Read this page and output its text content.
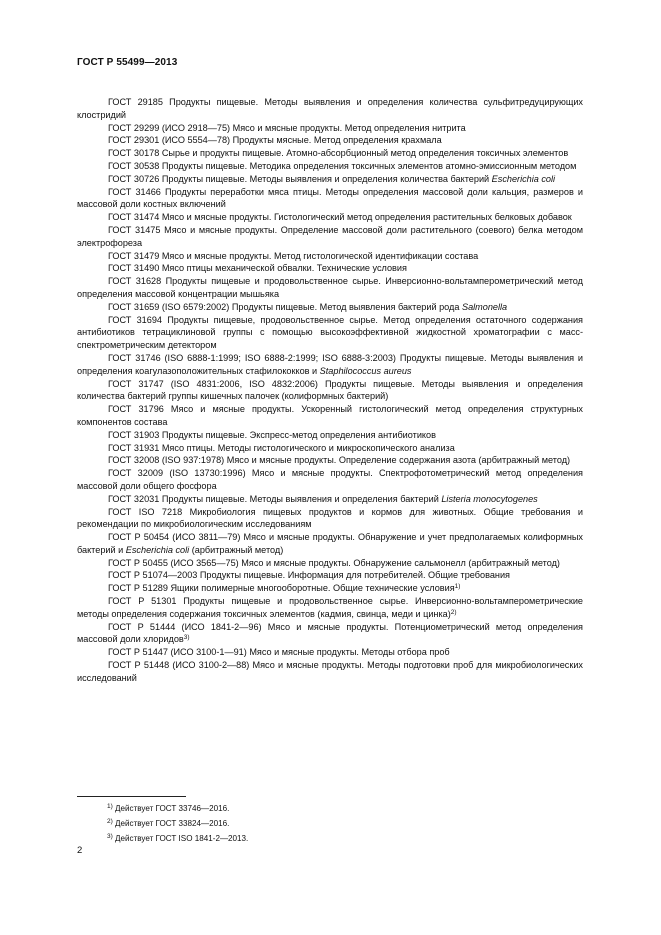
ГОСТ Р 55499—2013

ГОСТ 29185 Продукты пищевые. Методы выявления и определения количества сульфитредуцирующих клостридий

ГОСТ 29299 (ИСО 2918—75) Мясо и мясные продукты. Метод определения нитрита

ГОСТ 29301 (ИСО 5554—78) Продукты мясные. Метод определения крахмала

ГОСТ 30178 Сырье и продукты пищевые. Атомно-абсорбционный метод определения токсичных элементов

ГОСТ 30538 Продукты пищевые. Методика определения токсичных элементов атомно-эмиссионным методом

ГОСТ 30726 Продукты пищевые. Методы выявления и определения количества бактерий Escherichia coli

ГОСТ 31466 Продукты переработки мяса птицы. Методы определения массовой доли кальция, размеров и массовой доли костных включений

ГОСТ 31474 Мясо и мясные продукты. Гистологический метод определения растительных белковых добавок

ГОСТ 31475 Мясо и мясные продукты. Определение массовой доли растительного (соевого) белка методом электрофореза

ГОСТ 31479 Мясо и мясные продукты. Метод гистологической идентификации состава

ГОСТ 31490 Мясо птицы механической обвалки. Технические условия

ГОСТ 31628 Продукты пищевые и продовольственное сырье. Инверсионно-вольтамперометрический метод определения массовой концентрации мышьяка

ГОСТ 31659 (ISO 6579:2002) Продукты пищевые. Метод выявления бактерий рода Salmonella

ГОСТ 31694 Продукты пищевые, продовольственное сырье. Метод определения остаточного содержания антибиотиков тетрациклиновой группы с помощью высокоэффективной жидкостной хроматографии с масс-спектрометрическим детектором

ГОСТ 31746 (ISO 6888-1:1999; ISO 6888-2:1999; ISO 6888-3:2003) Продукты пищевые. Методы выявления и определения коагулазоположительных стафилококков и Staphilococcus aureus

ГОСТ 31747 (ISO 4831:2006, ISO 4832:2006) Продукты пищевые. Методы выявления и определения количества бактерий группы кишечных палочек (колиформных бактерий)

ГОСТ 31796 Мясо и мясные продукты. Ускоренный гистологический метод определения структурных компонентов состава

ГОСТ 31903 Продукты пищевые. Экспресс-метод определения антибиотиков

ГОСТ 31931 Мясо птицы. Методы гистологического и микроскопического анализа

ГОСТ 32008 (ISO 937:1978) Мясо и мясные продукты. Определение содержания азота (арбитражный метод)

ГОСТ 32009 (ISO 13730:1996) Мясо и мясные продукты. Спектрофотометрический метод определения массовой доли общего фосфора

ГОСТ 32031 Продукты пищевые. Методы выявления и определения бактерий Listeria monocytogenes

ГОСТ ISO 7218 Микробиология пищевых продуктов и кормов для животных. Общие требования и рекомендации по микробиологическим исследованиям

ГОСТ Р 50454 (ИСО 3811—79) Мясо и мясные продукты. Обнаружение и учет предполагаемых колиформных бактерий и Escherichia coli (арбитражный метод)

ГОСТ Р 50455 (ИСО 3565—75) Мясо и мясные продукты. Обнаружение сальмонелл (арбитражный метод)

ГОСТ Р 51074—2003 Продукты пищевые. Информация для потребителей. Общие требования

ГОСТ Р 51289 Ящики полимерные многооборотные. Общие технические условия$^{1)}$

ГОСТ Р 51301 Продукты пищевые и продовольственное сырье. Инверсионно-вольтамперометрические методы определения содержания токсичных элементов (кадмия, свинца, меди и цинка)$^{2)}$

ГОСТ Р 51444 (ИСО 1841-2—96) Мясо и мясные продукты. Потенциометрический метод определения массовой доли хлоридов$^{3)}$

ГОСТ Р 51447 (ИСО 3100-1—91) Мясо и мясные продукты. Методы отбора проб

ГОСТ Р 51448 (ИСО 3100-2—88) Мясо и мясные продукты. Методы подготовки проб для микробиологических исследований

$^{1)}$ Действует ГОСТ 33746—2016.

$^{2)}$ Действует ГОСТ 33824—2016.

$^{3)}$ Действует ГОСТ ISO 1841-2—2013.

2
